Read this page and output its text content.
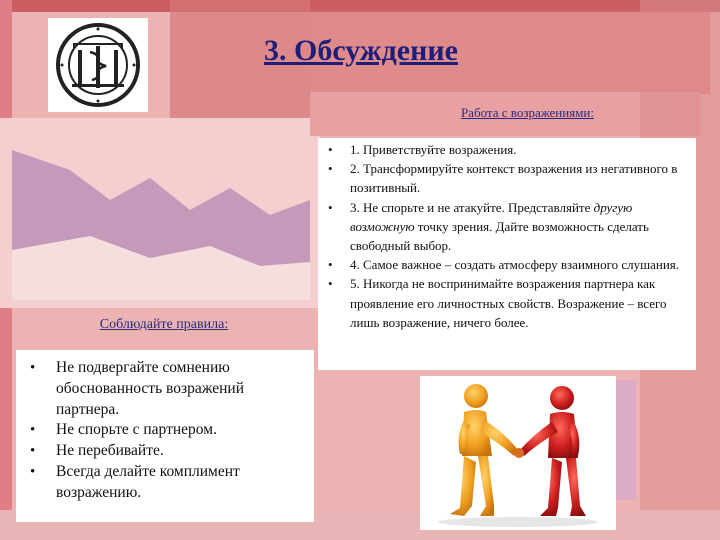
3. Обсуждение
Работа с возражениями:
• 1. Приветствуйте возражения.
• 2. Трансформируйте контекст возражения из негативного в позитивный.
• 3. Не спорьте и не атакуйте. Представляйте другую возможную точку зрения. Дайте возможность сделать свободный выбор.
• 4. Самое важное – создать атмосферу взаимного слушания.
• 5. Никогда не воспринимайте возражения партнера как проявление его личностных свойств. Возражение – всего лишь возражение, ничего более.
Соблюдайте правила:
• Не подвергайте сомнению обоснованность возражений партнера.
• Не спорьте с партнером.
• Не перебивайте.
• Всегда делайте комплимент возражению.
